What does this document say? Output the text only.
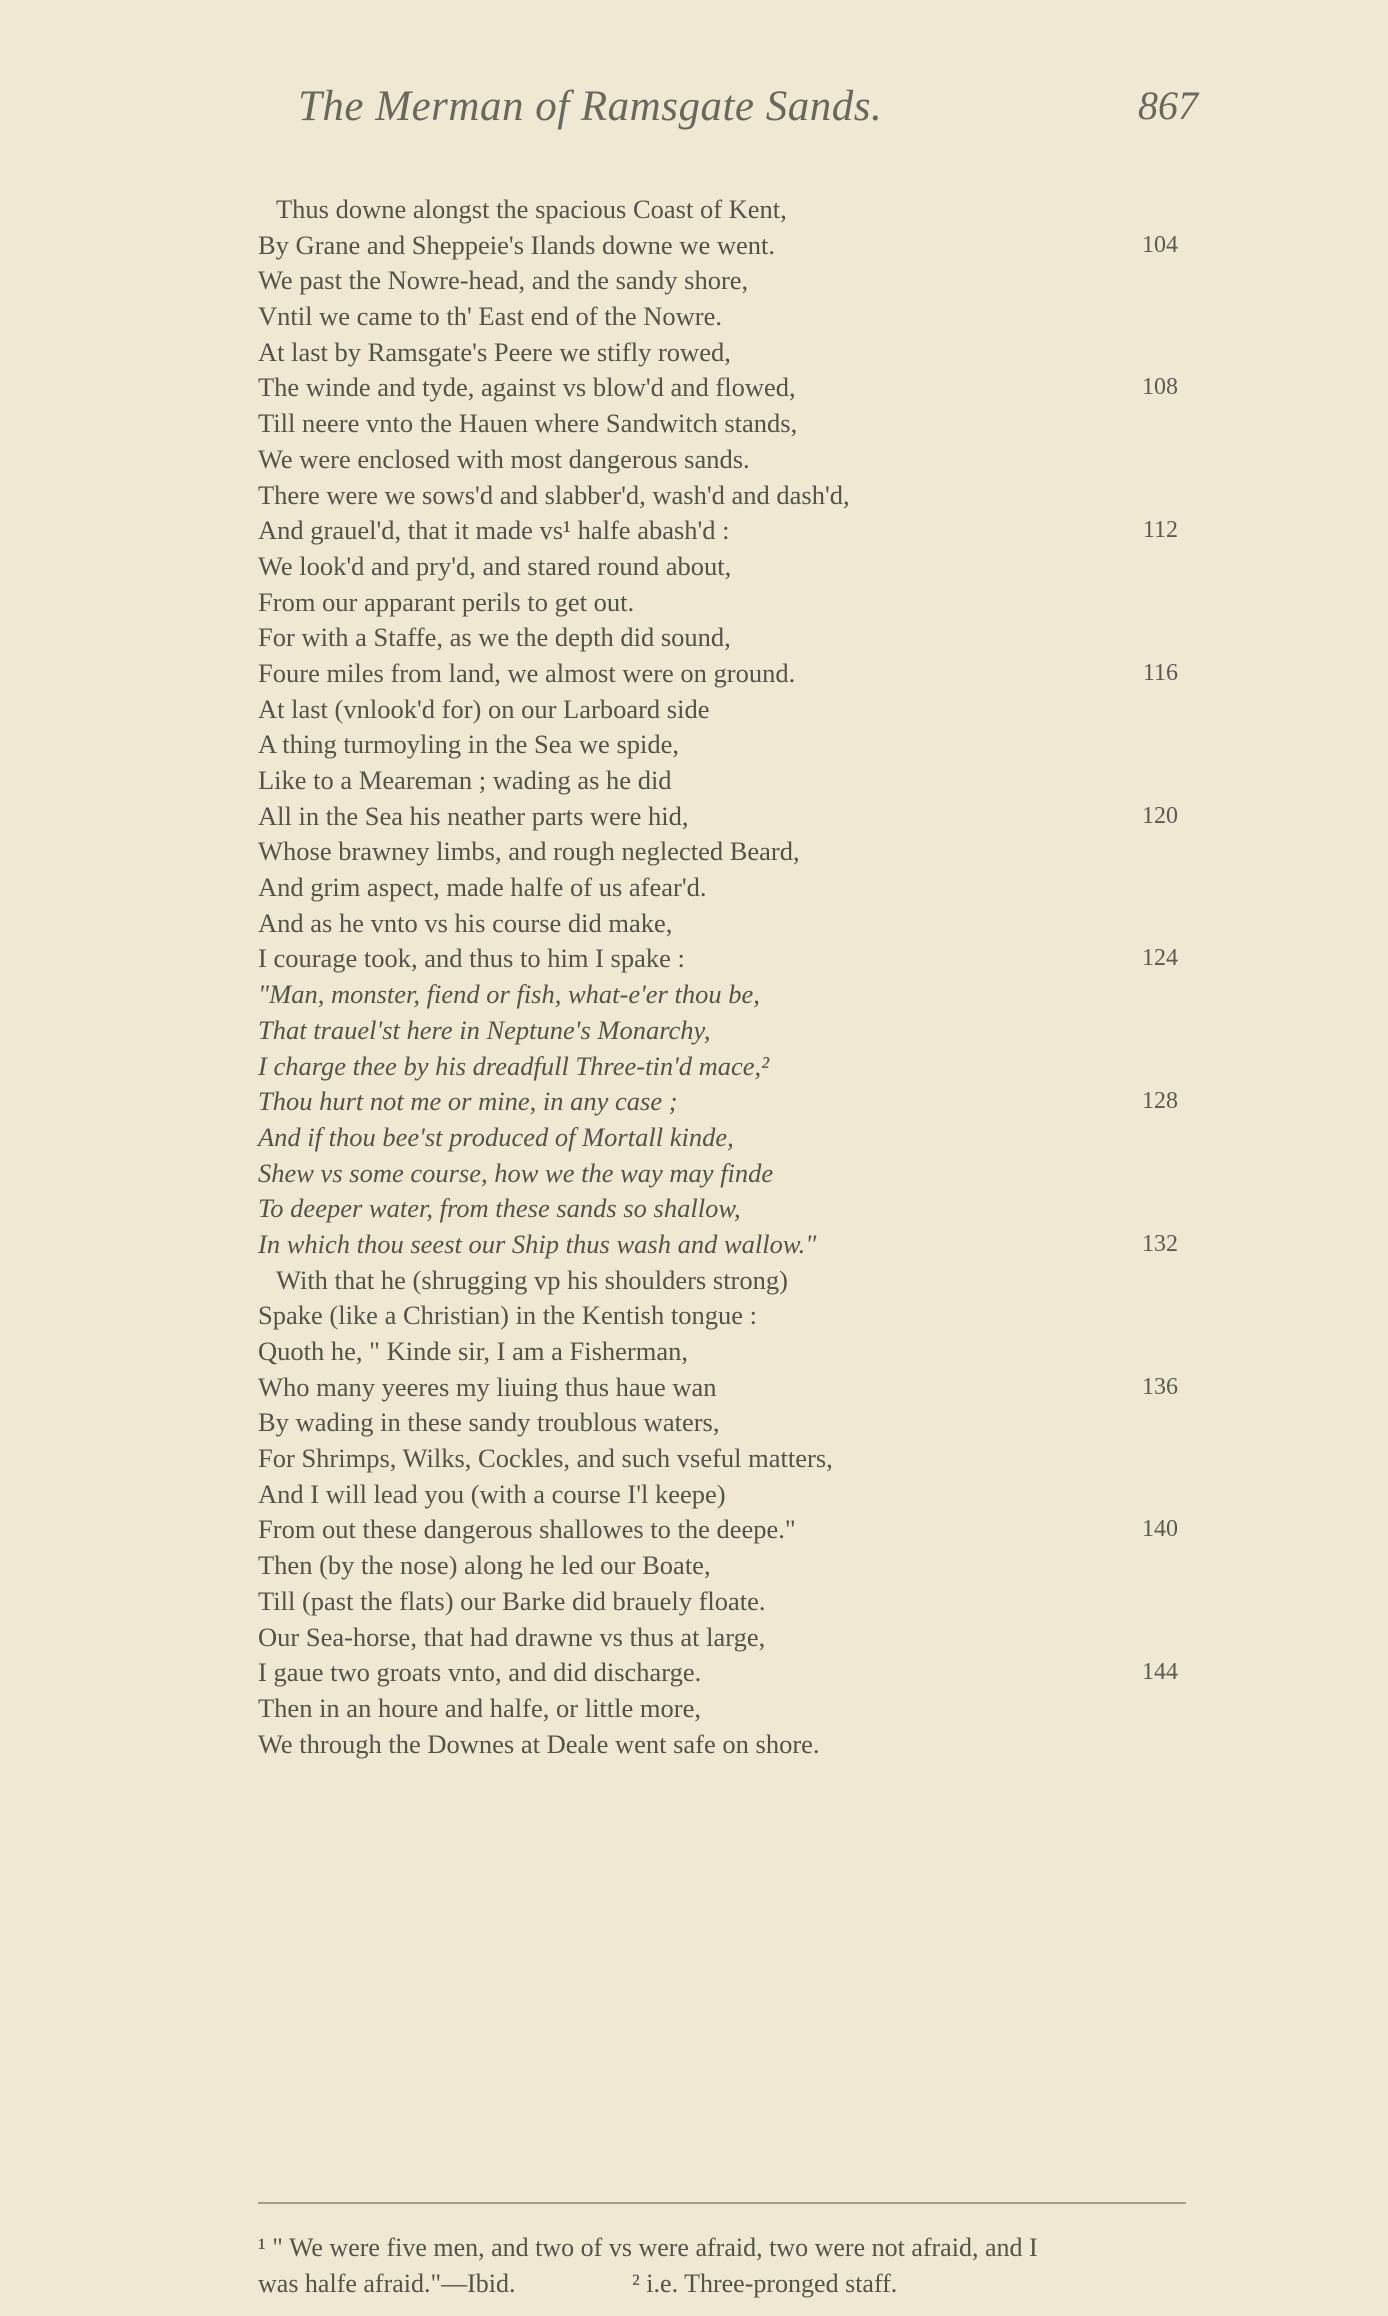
The Merman of Ramsgate Sands.	867
Thus downe alongst the spacious Coast of Kent,
By Grane and Sheppeie's Ilands downe we went.	104
We past the Nowre-head, and the sandy shore,
Vntil we came to th' East end of the Nowre.
At last by Ramsgate's Peere we stifly rowed,
The winde and tyde, against vs blow'd and flowed,	108
Till neere vnto the Hauen where Sandwitch stands,
We were enclosed with most dangerous sands.
There were we sows'd and slabber'd, wash'd and dash'd,
And grauel'd, that it made vs¹ halfe abash'd :	112
We look'd and pry'd, and stared round about,
From our apparant perils to get out.
For with a Staffe, as we the depth did sound,
Foure miles from land, we almost were on ground.	116
At last (vnlook'd for) on our Larboard side
A thing turmoyling in the Sea we spide,
Like to a Meareman ; wading as he did
All in the Sea his neather parts were hid,	120
Whose brawney limbs, and rough neglected Beard,
And grim aspect, made halfe of us afear'd.
And as he vnto vs his course did make,
I courage took, and thus to him I spake :	124
"Man, monster, fiend or fish, what-e'er thou be,
That trauel'st here in Neptune's Monarchy,
I charge thee by his dreadfull Three-tin'd mace,²
Thou hurt not me or mine, in any case ;	128
And if thou bee'st produced of Mortall kinde,
Shew vs some course, how we the way may finde
To deeper water, from these sands so shallow,
In which thou seest our Ship thus wash and wallow."	132
With that he (shrugging vp his shoulders strong)
Spake (like a Christian) in the Kentish tongue :
Quoth he, " Kinde sir, I am a Fisherman,
Who many yeeres my liuing thus haue wan	136
By wading in these sandy troublous waters,
For Shrimps, Wilks, Cockles, and such vseful matters,
And I will lead you (with a course I'l keepe)
From out these dangerous shallowes to the deepe."	140
Then (by the nose) along he led our Boate,
Till (past the flats) our Barke did brauely floate.
Our Sea-horse, that had drawne vs thus at large,
I gaue two groats vnto, and did discharge.	144
Then in an houre and halfe, or little more,
We through the Downes at Deale went safe on shore.
¹ " We were five men, and two of vs were afraid, two were not afraid, and I
was halfe afraid."—Ibid.	² i.e. Three-pronged staff.
